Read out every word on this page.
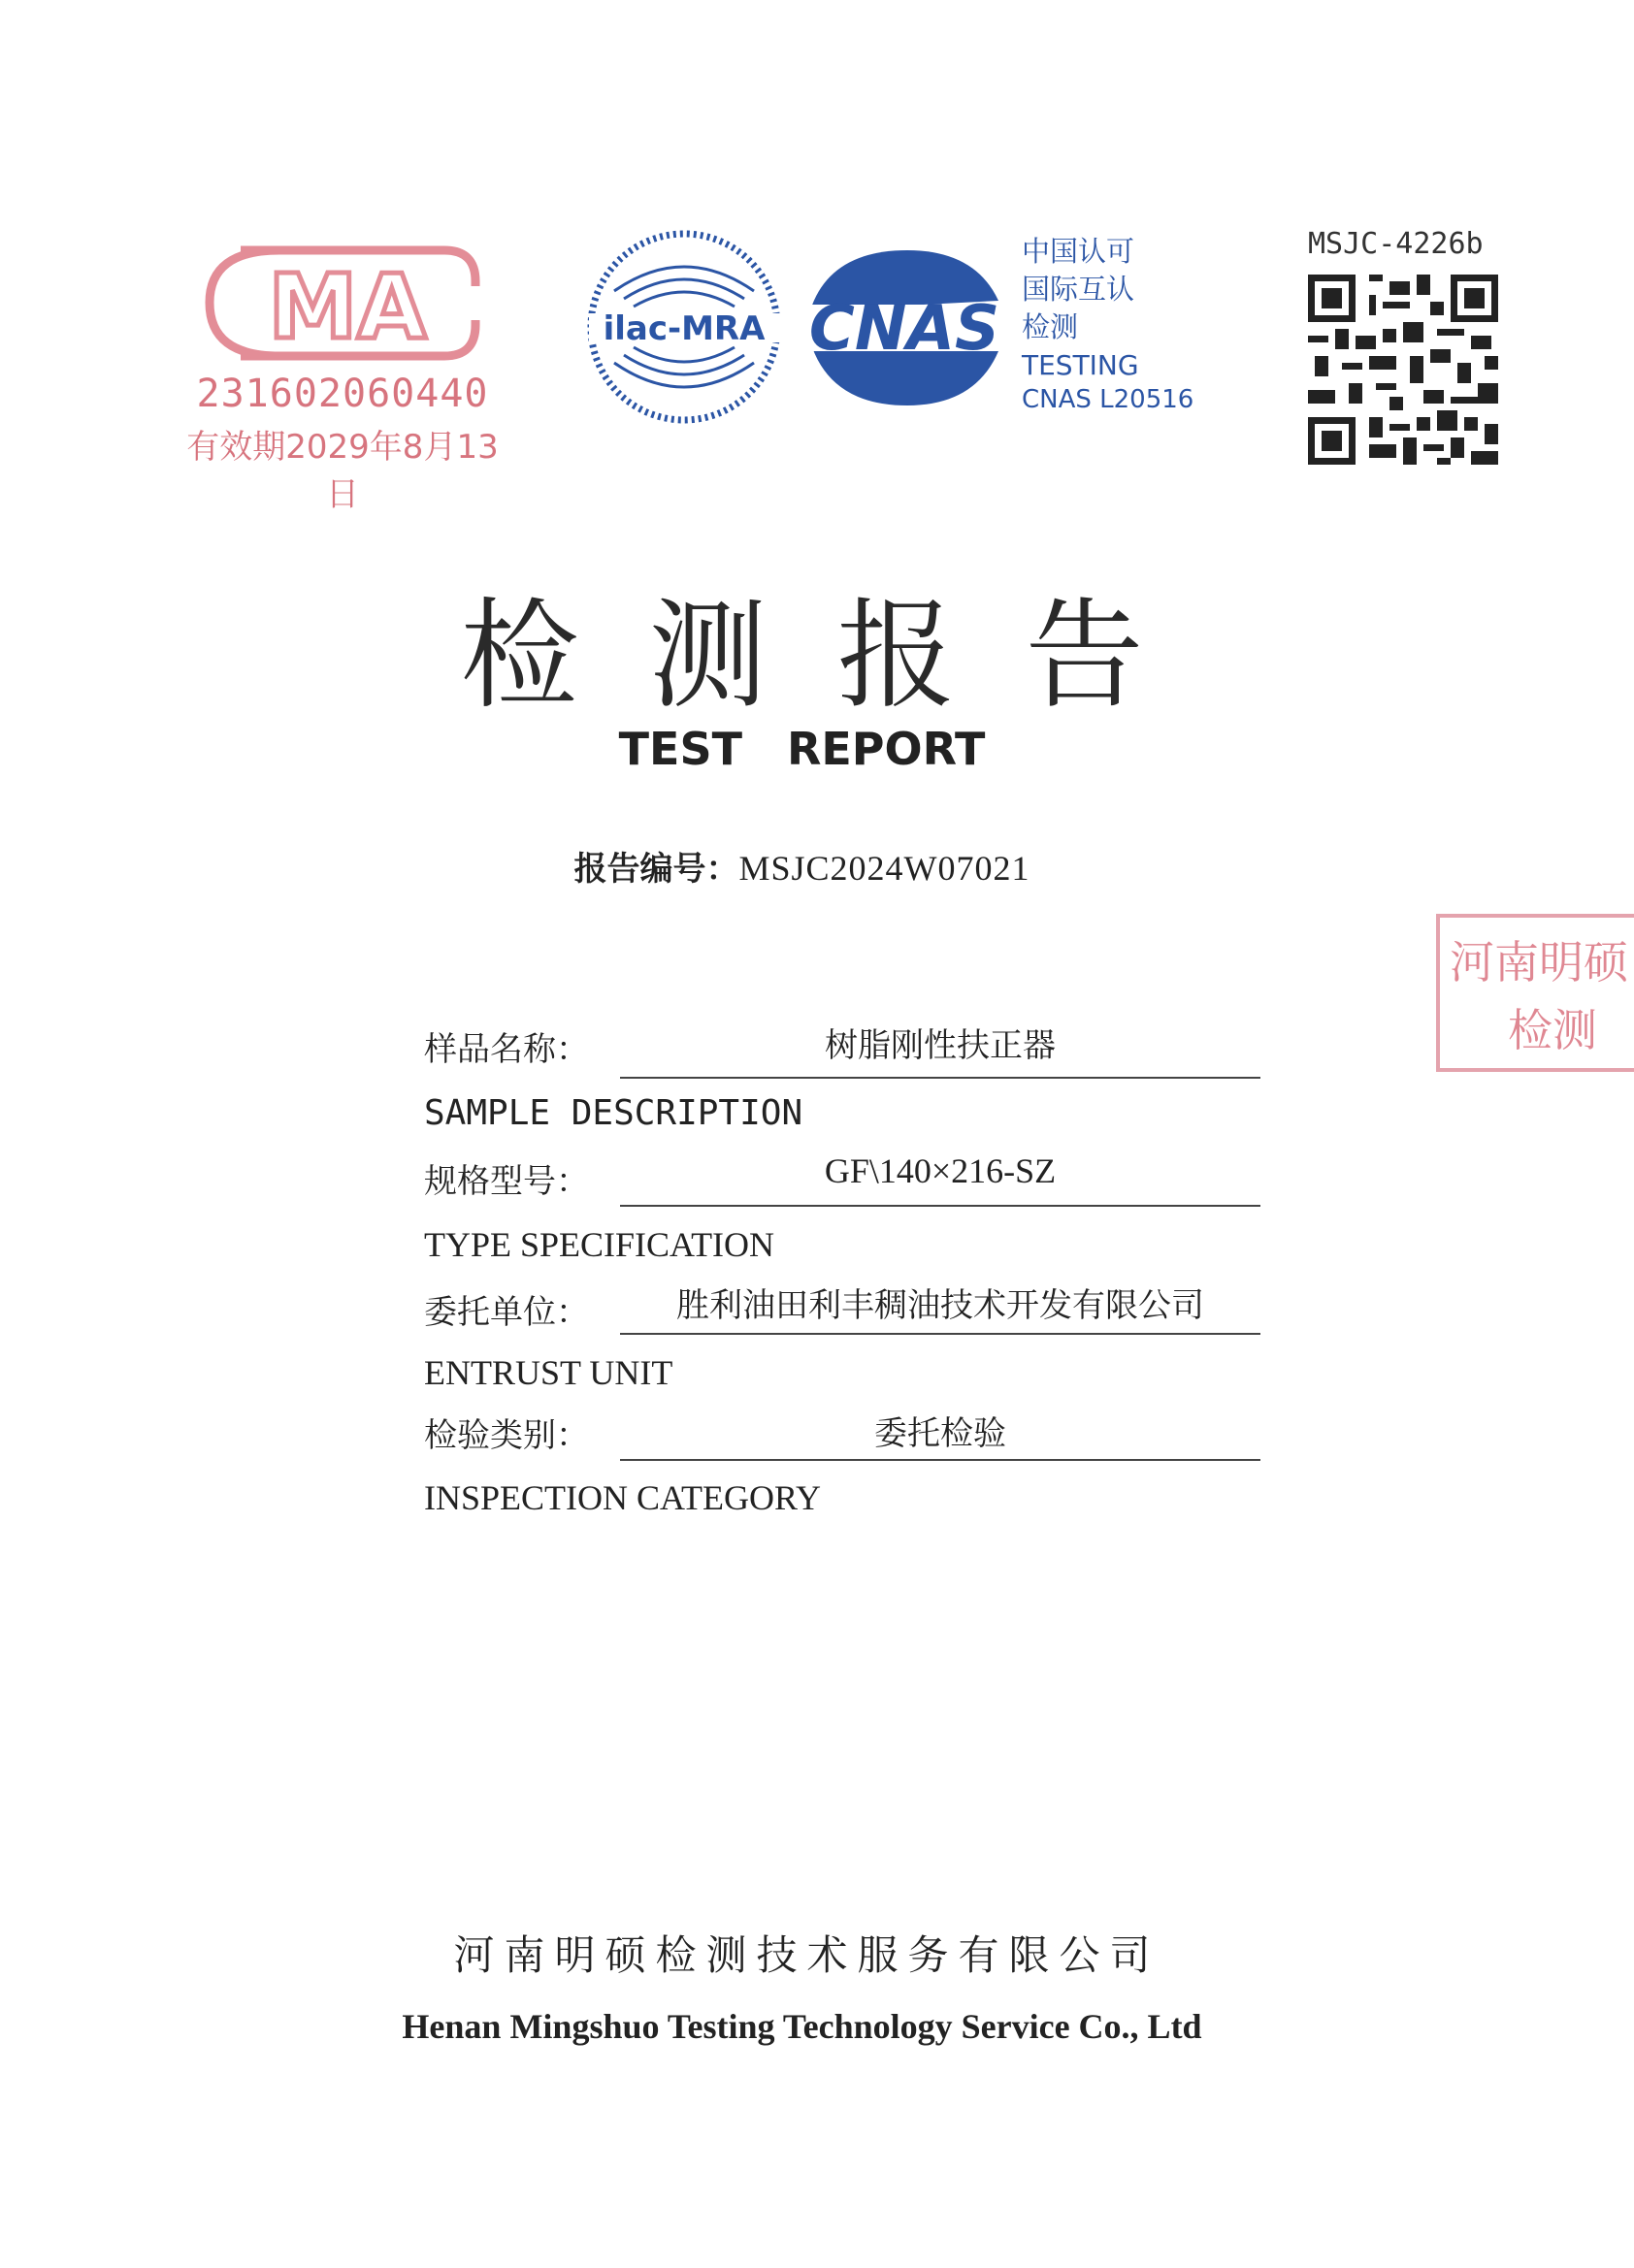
MA
231602060440
有效期2029年8月13日
ilac-MRA CNAS
中国认可
国际互认
检测
TESTING
CNAS L20516
MSJC-4226b
检测报告
TEST REPORT
报告编号：MSJC2024W07021
河南明硕
检测
样品名称：	树脂刚性扶正器
SAMPLE DESCRIPTION
规格型号：	GF\140×216-SZ
TYPE SPECIFICATION
委托单位：	胜利油田利丰稠油技术开发有限公司
ENTRUST UNIT
检验类别：	委托检验
INSPECTION CATEGORY
河南明硕检测技术服务有限公司
Henan Mingshuo Testing Technology Service Co., Ltd
